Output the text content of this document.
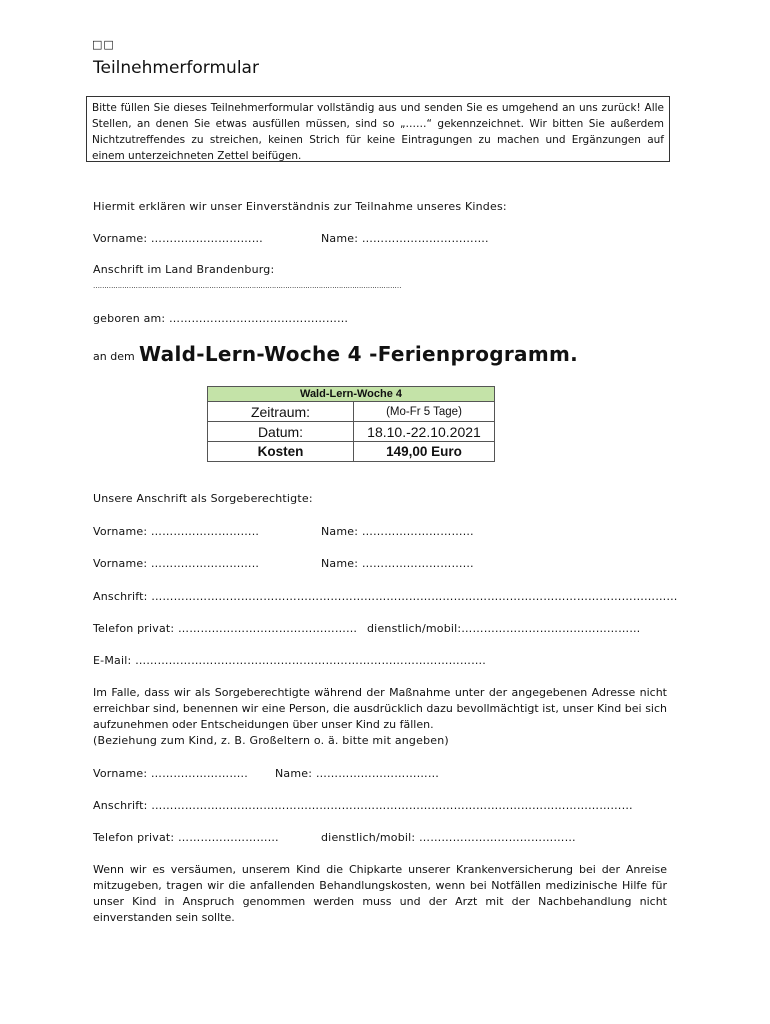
□□
Teilnehmerformular
Bitte füllen Sie dieses Teilnehmerformular vollständig aus und senden Sie es umgehend an uns zurück! Alle Stellen, an denen Sie etwas ausfüllen müssen, sind so „……“ gekennzeichnet. Wir bitten Sie außerdem Nichtzutreffendes zu streichen, keinen Strich für keine Eintragungen zu machen und Ergänzungen auf einem unterzeichneten Zettel beifügen.
Hiermit erklären wir unser Einverständnis zur Teilnahme unseres Kindes:
Vorname: …………………………	Name: …………………………….
Anschrift im Land Brandenburg:
…………………………………………………………………………………………………………………………
geboren am: …………………………………………
an dem Wald-Lern-Woche 4 -Ferienprogramm.
Wald-Lern-Woche 4	
Zeitraum:	(Mo-Fr 5 Tage)
Datum:	18.10.-22.10.2021
Kosten	149,00 Euro
Unsere Anschrift als Sorgeberechtigte:
Vorname: ………………………..	Name: …………………………
Vorname: ………………………..	Name: …………………………
Anschrift: ……………………………………………………………………………………………………………………………
Telefon privat: ………………………………………… dienstlich/mobil:…………………………………………
E-Mail: ………………………………………………………………………………….
Im Falle, dass wir als Sorgeberechtigte während der Maßnahme unter der angegebenen Adresse nicht erreichbar sind, benennen wir eine Person, die ausdrücklich dazu bevollmächtigt ist, unser Kind bei sich aufzunehmen oder Entscheidungen über unser Kind zu fällen.
(Beziehung zum Kind, z. B. Großeltern o. ä. bitte mit angeben)
Vorname: …………………….. Name: ……………………………
Anschrift: …………………………………………………………………………………………………………………
Telefon privat: ………………………	dienstlich/mobil: ……………………………………
Wenn wir es versäumen, unserem Kind die Chipkarte unserer Krankenversicherung bei der Anreise mitzugeben, tragen wir die anfallenden Behandlungskosten, wenn bei Notfällen medizinische Hilfe für unser Kind in Anspruch genommen werden muss und der Arzt mit der Nachbehandlung nicht einverstanden sein sollte.
